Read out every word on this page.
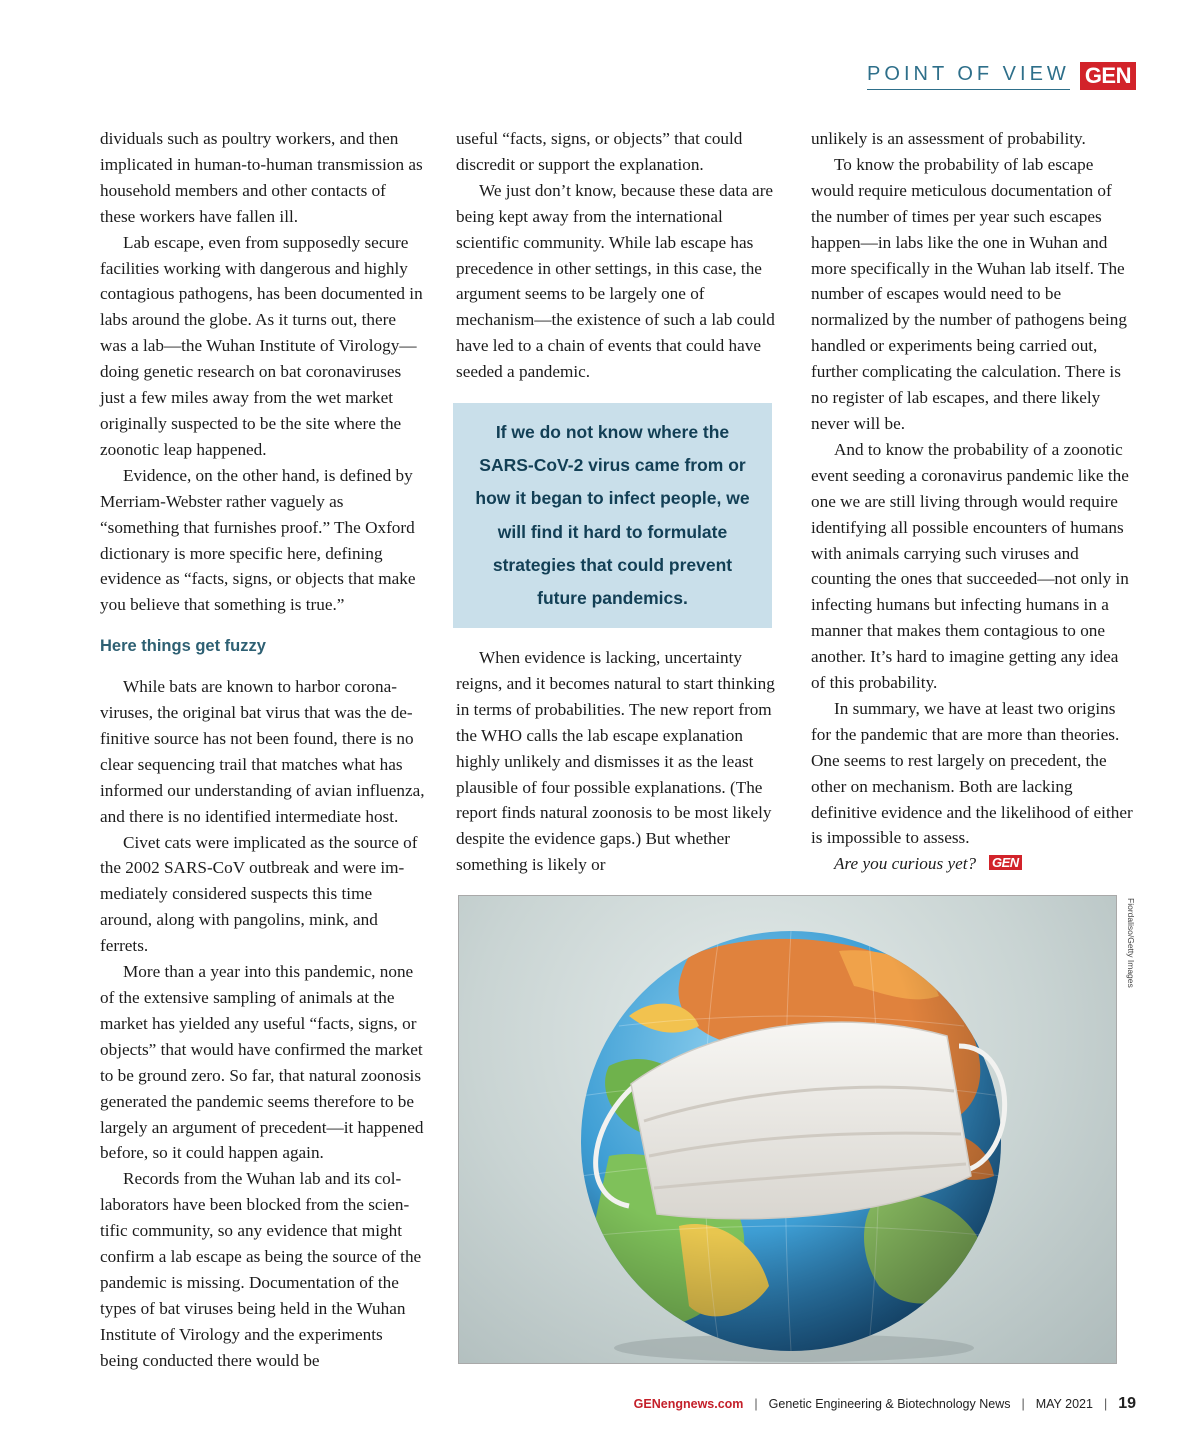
POINT OF VIEW GEN

dividuals such as poultry workers, and then implicated in human-to-human transmission as household members and other contacts of these workers have fallen ill.

Lab escape, even from supposedly secure facilities working with dangerous and highly contagious pathogens, has been documented in labs around the globe. As it turns out, there was a lab—the Wuhan Institute of Virology—doing genetic research on bat coronaviruses just a few miles away from the wet market originally suspected to be the site where the zoonotic leap happened.

Evidence, on the other hand, is defined by Merriam-Webster rather vaguely as “something that furnishes proof.” The Oxford dictionary is more specific here, defining evidence as “facts, signs, or objects that make you believe that something is true.”

Here things get fuzzy

While bats are known to harbor coronaviruses, the original bat virus that was the definitive source has not been found, there is no clear sequencing trail that matches what has informed our understanding of avian influenza, and there is no identified intermediate host.

Civet cats were implicated as the source of the 2002 SARS-CoV outbreak and were immediately considered suspects this time around, along with pangolins, mink, and ferrets.

More than a year into this pandemic, none of the extensive sampling of animals at the market has yielded any useful “facts, signs, or objects” that would have confirmed the market to be ground zero. So far, that natural zoonosis generated the pandemic seems therefore to be largely an argument of precedent—it happened before, so it could happen again.

Records from the Wuhan lab and its collaborators have been blocked from the scientific community, so any evidence that might confirm a lab escape as being the source of the pandemic is missing. Documentation of the types of bat viruses being held in the Wuhan Institute of Virology and the experiments being conducted there would be

useful “facts, signs, or objects” that could discredit or support the explanation.

We just don’t know, because these data are being kept away from the international scientific community. While lab escape has precedence in other settings, in this case, the argument seems to be largely one of mechanism—the existence of such a lab could have led to a chain of events that could have seeded a pandemic.

If we do not know where the SARS-CoV-2 virus came from or how it began to infect people, we will find it hard to formulate strategies that could prevent future pandemics.

When evidence is lacking, uncertainty reigns, and it becomes natural to start thinking in terms of probabilities. The new report from the WHO calls the lab escape explanation highly unlikely and dismisses it as the least plausible of four possible explanations. (The report finds natural zoonosis to be most likely despite the evidence gaps.) But whether something is likely or

unlikely is an assessment of probability.

To know the probability of lab escape would require meticulous documentation of the number of times per year such escapes happen—in labs like the one in Wuhan and more specifically in the Wuhan lab itself. The number of escapes would need to be normalized by the number of pathogens being handled or experiments being carried out, further complicating the calculation. There is no register of lab escapes, and there likely never will be.

And to know the probability of a zoonotic event seeding a coronavirus pandemic like the one we are still living through would require identifying all possible encounters of humans with animals carrying such viruses and counting the ones that succeeded—not only in infecting humans but infecting humans in a manner that makes them contagious to one another. It’s hard to imagine getting any idea of this probability.

In summary, we have at least two origins for the pandemic that are more than theories. One seems to rest largely on precedent, the other on mechanism. Both are lacking definitive evidence and the likelihood of either is impossible to assess.

Are you curious yet? GEN

Fiordaliso/Getty Images
GENengnews.com | Genetic Engineering & Biotechnology News | MAY 2021 | 19
